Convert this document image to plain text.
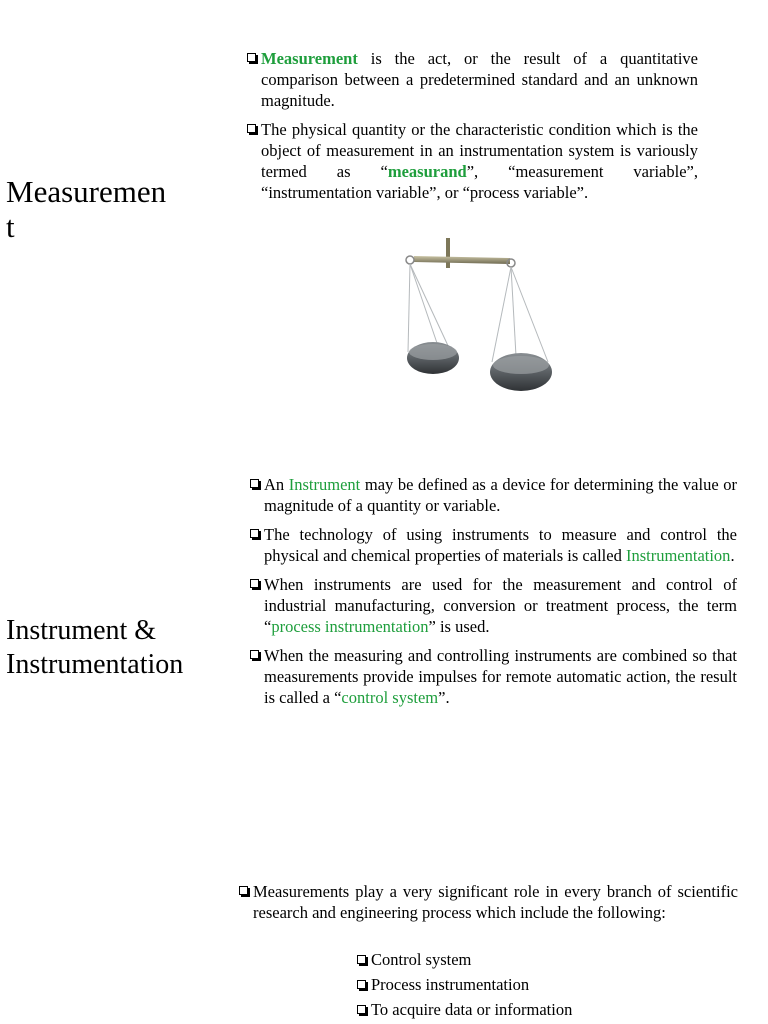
Measuremen
t
Measurement is the act, or the result of a quantitative comparison between a predetermined standard and an unknown magnitude.
The physical quantity or the characteristic condition which is the object of measurement in an instrumentation system is variously termed as “measurand”, “measurement variable”, “instrumentation variable”, or “process variable”.
Instrument &
Instrumentation
An Instrument may be defined as a device for determining the value or magnitude of a quantity or variable.
The technology of using instruments to measure and control the physical and chemical properties of materials is called Instrumentation.
When instruments are used for the measurement and control of industrial manufacturing, conversion or treatment process, the term “process instrumentation” is used.
When the measuring and controlling instruments are combined so that measurements provide impulses for remote automatic action, the result is called a “control system”.
Measurements play a very significant role in every branch of scientific research and engineering process which include the following:
Control system
Process instrumentation
To acquire data or information
